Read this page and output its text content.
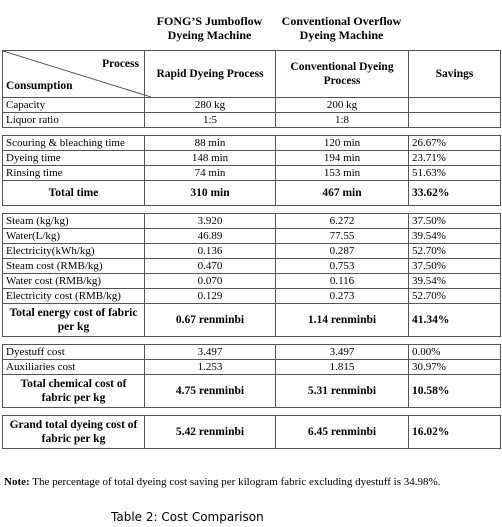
FONG’S Jumboflow Dyeing Machine
Conventional Overflow Dyeing Machine
Process
Consumption	Rapid Dyeing Process	Conventional Dyeing Process	Savings
Capacity	280 kg	200 kg	
Liquor ratio	1:5	1:8	

Scouring & bleaching time	88 min	120 min	26.67%
Dyeing time	148 min	194 min	23.71%
Rinsing time	74 min	153 min	51.63%
Total time	310 min	467 min	33.62%

Steam (kg/kg)	3.920	6.272	37.50%
Water(L/kg)	46.89	77.55	39.54%
Electricity(kWh/kg)	0.136	0.287	52.70%
Steam cost (RMB/kg)	0.470	0.753	37.50%
Water cost (RMB/kg)	0.070	0.116	39.54%
Electricity cost (RMB/kg)	0.129	0.273	52.70%
Total energy cost of fabric per kg	0.67 renminbi	1.14 renminbi	41.34%

Dyestuff cost	3.497	3.497	0.00%
Auxiliaries cost	1.253	1.815	30.97%
Total chemical cost of fabric per kg	4.75 renminbi	5.31 renminbi	10.58%

Grand total dyeing cost of fabric per kg	5.42 renminbi	6.45 renminbi	16.02%
Note: The percentage of total dyeing cost saving per kilogram fabric excluding dyestuff is 34.98%.
Table 2: Cost Comparison
